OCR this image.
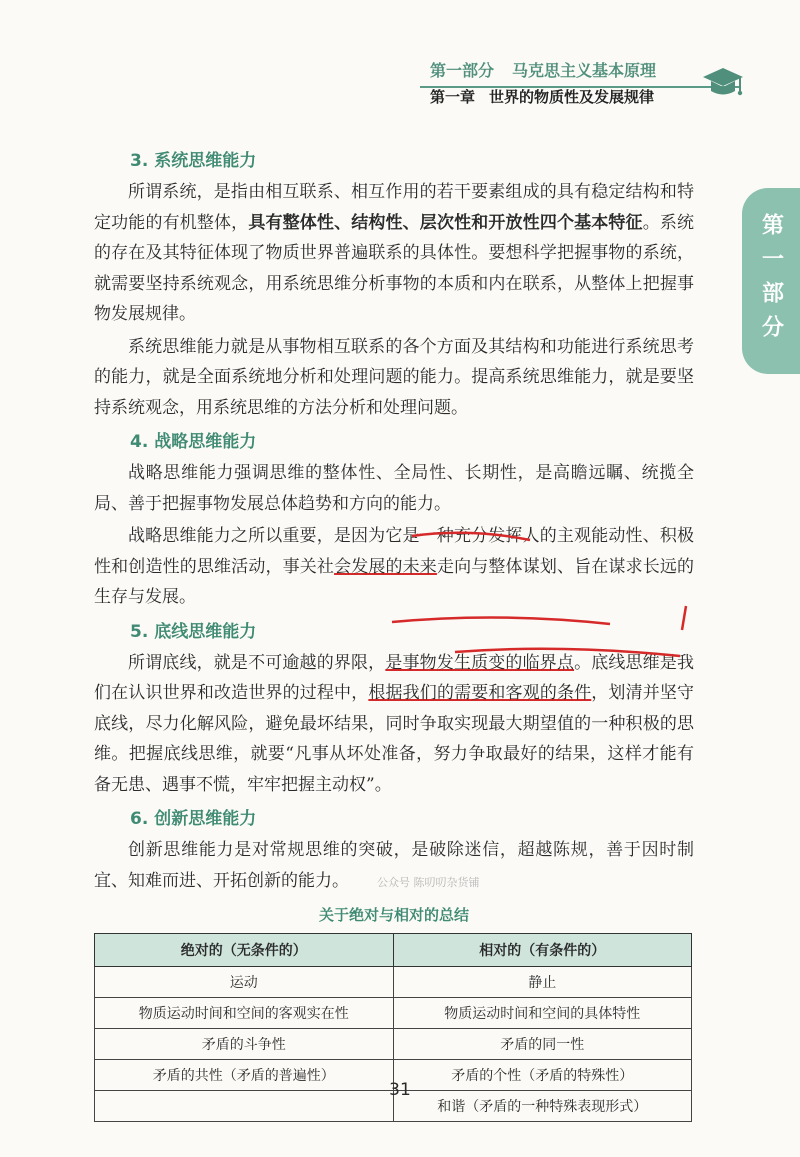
第一部分 马克思主义基本原理
第一章 世界的物质性及发展规律
第一部分
3. 系统思维能力

所谓系统，是指由相互联系、相互作用的若干要素组成的具有稳定结构和特定功能的有机整体，具有整体性、结构性、层次性和开放性四个基本特征。系统的存在及其特征体现了物质世界普遍联系的具体性。要想科学把握事物的系统，就需要坚持系统观念，用系统思维分析事物的本质和内在联系，从整体上把握事物发展规律。

系统思维能力就是从事物相互联系的各个方面及其结构和功能进行系统思考的能力，就是全面系统地分析和处理问题的能力。提高系统思维能力，就是要坚持系统观念，用系统思维的方法分析和处理问题。

4. 战略思维能力

战略思维能力强调思维的整体性、全局性、长期性，是高瞻远瞩、统揽全局、善于把握事物发展总体趋势和方向的能力。

战略思维能力之所以重要，是因为它是一种充分发挥人的主观能动性、积极性和创造性的思维活动，事关社会发展的未来走向与整体谋划、旨在谋求长远的生存与发展。

5. 底线思维能力

所谓底线，就是不可逾越的界限，是事物发生质变的临界点。底线思维是我们在认识世界和改造世界的过程中，根据我们的需要和客观的条件，划清并坚守底线，尽力化解风险，避免最坏结果，同时争取实现最大期望值的一种积极的思维。把握底线思维，就要“凡事从坏处准备，努力争取最好的结果，这样才能有备无患、遇事不慌，牢牢把握主动权”。

6. 创新思维能力

创新思维能力是对常规思维的突破，是破除迷信，超越陈规，善于因时制宜、知难而进、开拓创新的能力。	公众号 陈叨叨杂货铺

关于绝对与相对的总结
绝对的（无条件的）	相对的（有条件的）
运动	静止
物质运动时间和空间的客观实在性	物质运动时间和空间的具体特性
矛盾的斗争性	矛盾的同一性
矛盾的共性（矛盾的普遍性）	矛盾的个性（矛盾的特殊性）
	和谐（矛盾的一种特殊表现形式）
31
